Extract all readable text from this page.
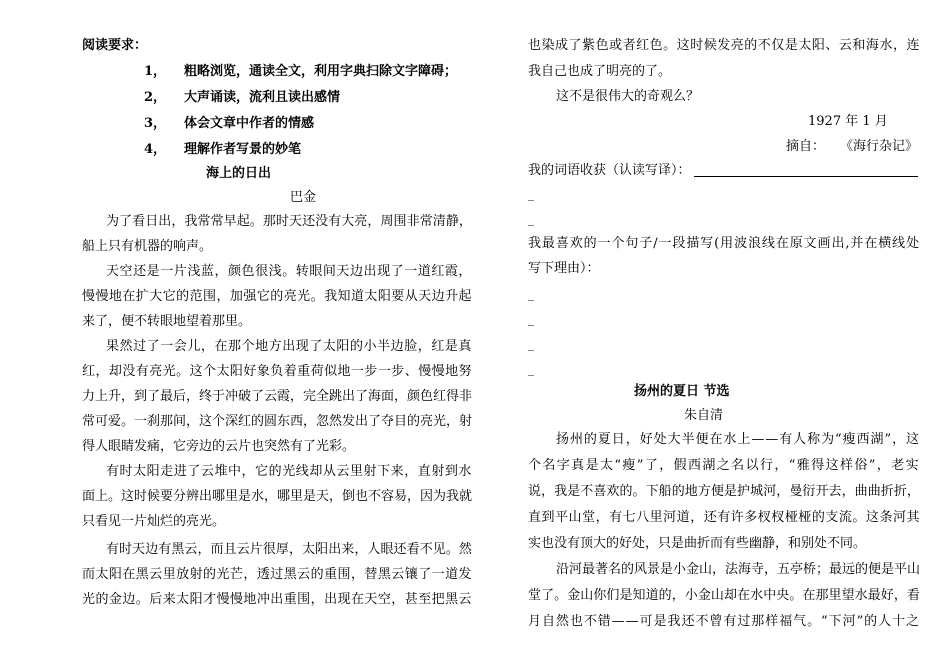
阅读要求：
1， 粗略浏览，通读全文，利用字典扫除文字障碍；
2， 大声诵读，流利且读出感情
3， 体会文章中作者的情感
4， 理解作者写景的妙笔
海上的日出
巴金
为了看日出，我常常早起。那时天还没有大亮，周围非常清静，
船上只有机器的响声。
天空还是一片浅蓝，颜色很浅。转眼间天边出现了一道红霞，
慢慢地在扩大它的范围，加强它的亮光。我知道太阳要从天边升起
来了，便不转眼地望着那里。
果然过了一会儿，在那个地方出现了太阳的小半边脸，红是真
红，却没有亮光。这个太阳好象负着重荷似地一步一步、慢慢地努
力上升，到了最后，终于冲破了云霞，完全跳出了海面，颜色红得非
常可爱。一刹那间，这个深红的圆东西，忽然发出了夺目的亮光，射
得人眼睛发痛，它旁边的云片也突然有了光彩。
有时太阳走进了云堆中，它的光线却从云里射下来，直射到水
面上。这时候要分辨出哪里是水，哪里是天，倒也不容易，因为我就
只看见一片灿烂的亮光。
有时天边有黑云，而且云片很厚，太阳出来，人眼还看不见。然
而太阳在黑云里放射的光芒，透过黑云的重围，替黑云镶了一道发
光的金边。后来太阳才慢慢地冲出重围，出现在天空，甚至把黑云
也染成了紫色或者红色。这时候发亮的不仅是太阳、云和海水，连
我自己也成了明亮的了。
这不是很伟大的奇观么？
1927 年 1 月
摘自： 《海行杂记》
我的词语收获（认读写译）：
_
_
我最喜欢的一个句子/一段描写(用波浪线在原文画出,并在横线处
写下理由）：
_
_
_
_
扬州的夏日 节选
朱自清
扬州的夏日，好处大半便在水上——有人称为“瘦西湖”，这
个名字真是太“瘦”了，假西湖之名以行，“雅得这样俗”，老实
说，我是不喜欢的。下船的地方便是护城河，曼衍开去，曲曲折折，
直到平山堂，有七八里河道，还有许多杈杈桠桠的支流。这条河其
实也没有顶大的好处，只是曲折而有些幽静，和别处不同。
沿河最著名的风景是小金山，法海寺，五亭桥；最远的便是平山
堂了。金山你们是知道的，小金山却在水中央。在那里望水最好，看
月自然也不错——可是我还不曾有过那样福气。“下河”的人十之
